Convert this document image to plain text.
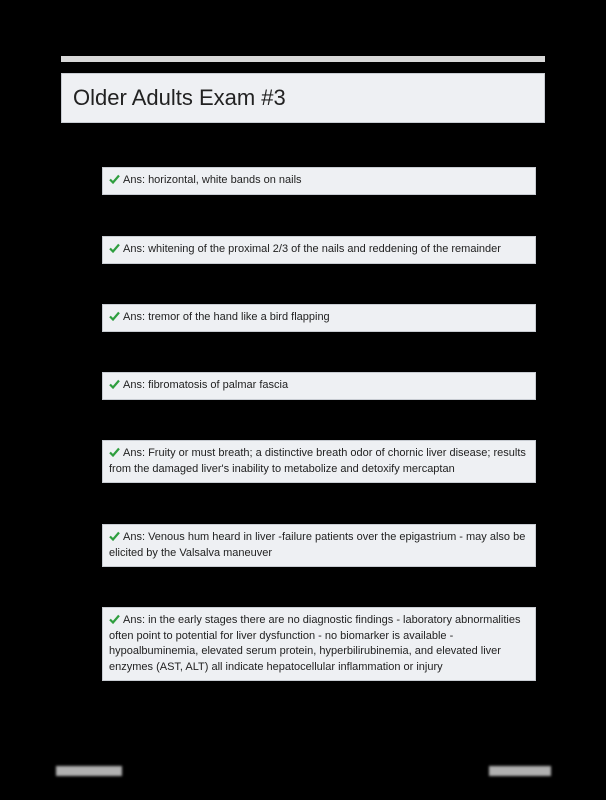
Older Adults Exam #3
Ans: horizontal, white bands on nails
Ans: whitening of the proximal 2/3 of the nails and reddening of the remainder
Ans: tremor of the hand like a bird flapping
Ans: fibromatosis of palmar fascia
Ans: Fruity or must breath; a distinctive breath odor of chornic liver disease; results from the damaged liver's inability to metabolize and detoxify mercaptan
Ans: Venous hum heard in liver -failure patients over the epigastrium - may also be elicited by the Valsalva maneuver
Ans: in the early stages there are no diagnostic findings - laboratory abnormalities often point to potential for liver dysfunction - no biomarker is available - hypoalbuminemia, elevated serum protein, hyperbilirubinemia, and elevated liver enzymes (AST, ALT) all indicate hepatocellular inflammation or injury
